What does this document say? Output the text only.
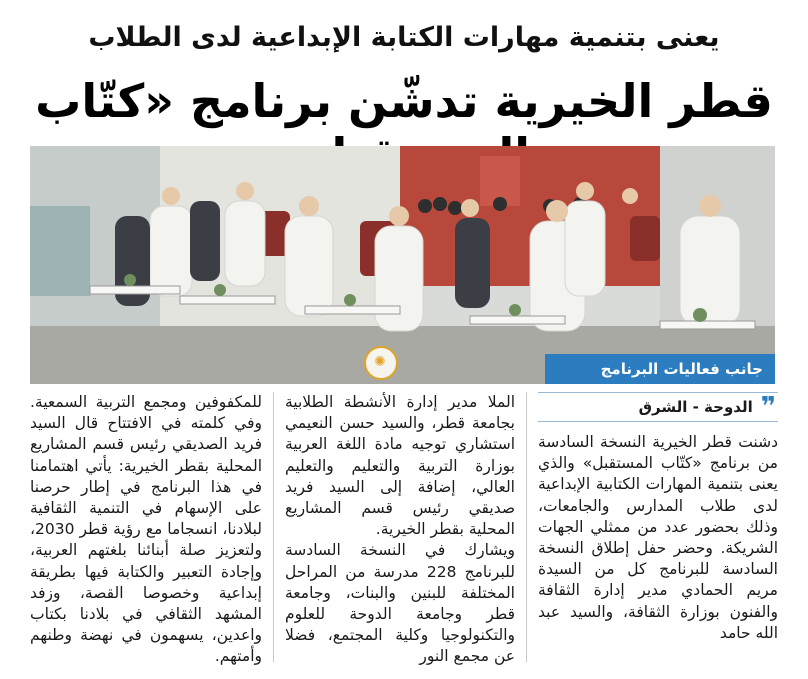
يعنى بتنمية مهارات الكتابة الإبداعية لدى الطلاب
قطر الخيرية تدشّن برنامج «كتّاب
جانب فعاليات البرنامج
✺
❞
الدوحة - الشرق

دشنت قطر الخيرية النسخة السادسة من برنامج «كتّاب المستقبل» والذي يعنى بتنمية المهارات الكتابية الإبداعية لدى طلاب المدارس والجامعات، وذلك بحضور عدد من ممثلي الجهات الشريكة. وحضر حفل إطلاق النسخة السادسة للبرنامج كل من السيدة مريم الحمادي مدير إدارة الثقافة والفنون بوزارة الثقافة، والسيد عبد الله حامد

الملا مدير إدارة الأنشطة الطلابية بجامعة قطر، والسيد حسن النعيمي استشاري توجيه مادة اللغة العربية بوزارة التربية والتعليم والتعليم العالي، إضافة إلى السيد فريد صديقي رئيس قسم المشاريع المحلية بقطر الخيرية.

ويشارك في النسخة السادسة للبرنامج 228 مدرسة من المراحل المختلفة للبنين والبنات، وجامعة قطر وجامعة الدوحة للعلوم والتكنولوجيا وكلية المجتمع، فضلا عن مجمع النور

للمكفوفين ومجمع التربية السمعية. وفي كلمته في الافتتاح قال السيد فريد الصديقي رئيس قسم المشاريع المحلية بقطر الخيرية: يأتي اهتمامنا في هذا البرنامج في إطار حرصنا على الإسهام في التنمية الثقافية لبلادنا، انسجاما مع رؤية قطر 2030، ولتعزيز صلة أبنائنا بلغتهم العربية، وإجادة التعبير والكتابة فيها بطريقة إبداعية وخصوصا القصة، وزفد المشهد الثقافي في بلادنا بكتاب واعدين، يسهمون في نهضة وطنهم وأمتهم.
